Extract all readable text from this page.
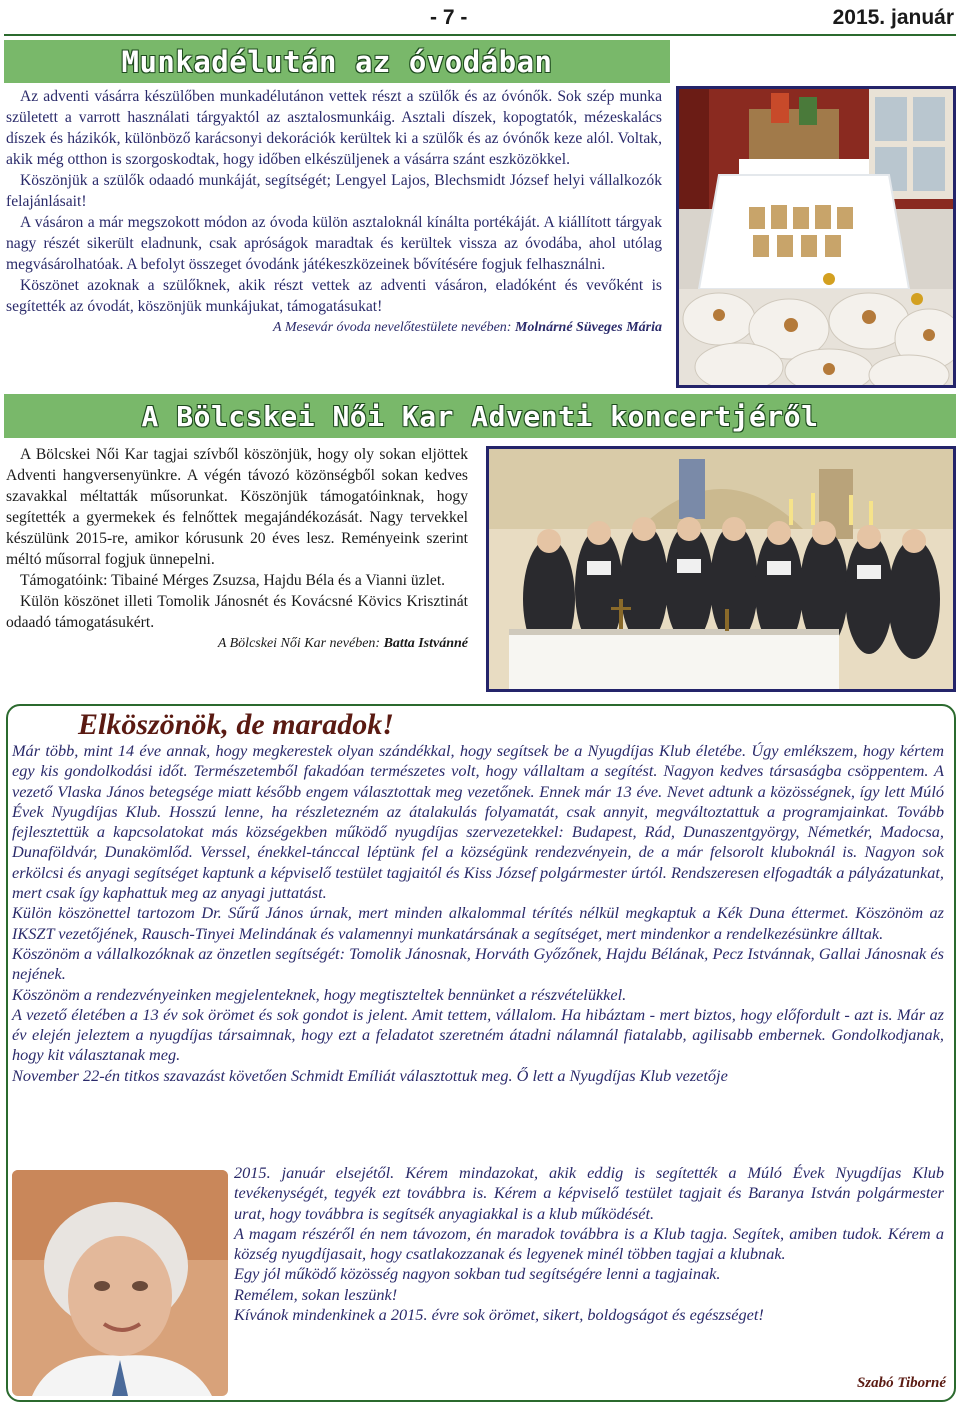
- 7 -	2015. január
Munkadélután az óvodában

Az adventi vásárra készülőben munkadélutánon vettek részt a szülők és az óvónők. Sok szép munka született a varrott használati tárgyaktól az asztalosmunkáig. Asztali díszek, kopogtatók, mézeskalács díszek és házikók, különböző karácsonyi dekorációk kerültek ki a szülők és az óvónők keze alól. Voltak, akik még otthon is szorgoskodtak, hogy időben elkészüljenek a vásárra szánt eszközökkel.

Köszönjük a szülők odaadó munkáját, segítségét; Lengyel Lajos, Blechsmidt József helyi vállalkozók felajánlásait!

A vásáron a már megszokott módon az óvoda külön asztaloknál kínálta portékáját. A kiállított tárgyak nagy részét sikerült eladnunk, csak apróságok maradtak és kerültek vissza az óvodába, ahol utólag megvásárolhatóak. A befolyt összeget óvodánk játékeszközeinek bővítésére fogjuk felhasználni.

Köszönet azoknak a szülőknek, akik részt vettek az adventi vásáron, eladóként és vevőként is segítették az óvodát, köszönjük munkájukat, támogatásukat!

A Mesevár óvoda nevelőtestülete nevében: Molnárné Süveges Mária
A Bölcskei Női Kar Adventi koncertjéről

A Bölcskei Női Kar tagjai szívből köszönjük, hogy oly sokan eljöttek Adventi hangversenyünkre. A végén távozó közönségből sokan kedves szavakkal méltatták műsorunkat. Köszönjük támogatóinknak, hogy segítették a gyermekek és felnőttek megajándékozását. Nagy tervekkel készülünk 2015-re, amikor kórusunk 20 éves lesz. Reményeink szerint méltó műsorral fogjuk ünnepelni.

Támogatóink: Tibainé Mérges Zsuzsa, Hajdu Béla és a Vianni üzlet.

Külön köszönet illeti Tomolik Jánosnét és Kovácsné Kövics Krisztinát odaadó támogatásukért.

A Bölcskei Női Kar nevében: Batta Istvánné
Elköszönök, de maradok!

Már több, mint 14 éve annak, hogy megkerestek olyan szándékkal, hogy segítsek be a Nyugdíjas Klub életébe. Úgy emlékszem, hogy kértem egy kis gondolkodási időt. Természetemből fakadóan természetes volt, hogy vállaltam a segítést. Nagyon kedves társaságba csöppentem. A vezető Vlaska János betegsége miatt később engem választottak meg vezetőnek. Ennek már 13 éve. Nevet adtunk a közösségnek, így lett Múló Évek Nyugdíjas Klub. Hosszú lenne, ha részletezném az átalakulás folyamatát, csak annyit, megváltoztattuk a programjainkat. Tovább fejlesztettük a kapcsolatokat más községekben működő nyugdíjas szervezetekkel: Budapest, Rád, Dunaszentgyörgy, Németkér, Madocsa, Dunaföldvár, Dunakömlőd. Verssel, énekkel-tánccal léptünk fel a községünk rendezvényein, de a már felsorolt kluboknál is. Nagyon sok erkölcsi és anyagi segítséget kaptunk a képviselő testület tagjaitól és Kiss József polgármester úrtól. Rendszeresen elfogadták a pályázatunkat, mert csak így kaphattuk meg az anyagi juttatást.

Külön köszönettel tartozom Dr. Sűrű János úrnak, mert minden alkalommal térítés nélkül megkaptuk a Kék Duna éttermet. Köszönöm az IKSZT vezetőjének, Rausch-Tinyei Melindának és valamennyi munkatársának a segítséget, mert mindenkor a rendelkezésünkre álltak.

Köszönöm a vállalkozóknak az önzetlen segítségét: Tomolik Jánosnak, Horváth Győzőnek, Hajdu Bélának, Pecz Istvánnak, Gallai Jánosnak és nejének.

Köszönöm a rendezvényeinken megjelenteknek, hogy megtiszteltek bennünket a részvételükkel.

A vezető életében a 13 év sok örömet és sok gondot is jelent. Amit tettem, vállalom. Ha hibáztam - mert biztos, hogy előfordult - azt is. Már az év elején jeleztem a nyugdíjas társaimnak, hogy ezt a feladatot szeretném átadni nálamnál fiatalabb, agilisabb embernek. Gondolkodjanak, hogy kit választanak meg.

November 22-én titkos szavazást követően Schmidt Emíliát választottuk meg. Ő lett a Nyugdíjas Klub vezetője

2015. január elsejétől. Kérem mindazokat, akik eddig is segítették a Múló Évek Nyugdíjas Klub tevékenységét, tegyék ezt továbbra is. Kérem a képviselő testület tagjait és Baranya István polgármester urat, hogy továbbra is segítsék anyagiakkal is a klub működését.

A magam részéről én nem távozom, én maradok továbbra is a Klub tagja. Segítek, amiben tudok. Kérem a község nyugdíjasait, hogy csatlakozzanak és legyenek minél többen tagjai a klubnak.

Egy jól működő közösség nagyon sokban tud segítségére lenni a tagjainak.

Remélem, sokan leszünk!

Kívánok mindenkinek a 2015. évre sok örömet, sikert, boldogságot és egészséget!

Szabó Tiborné
